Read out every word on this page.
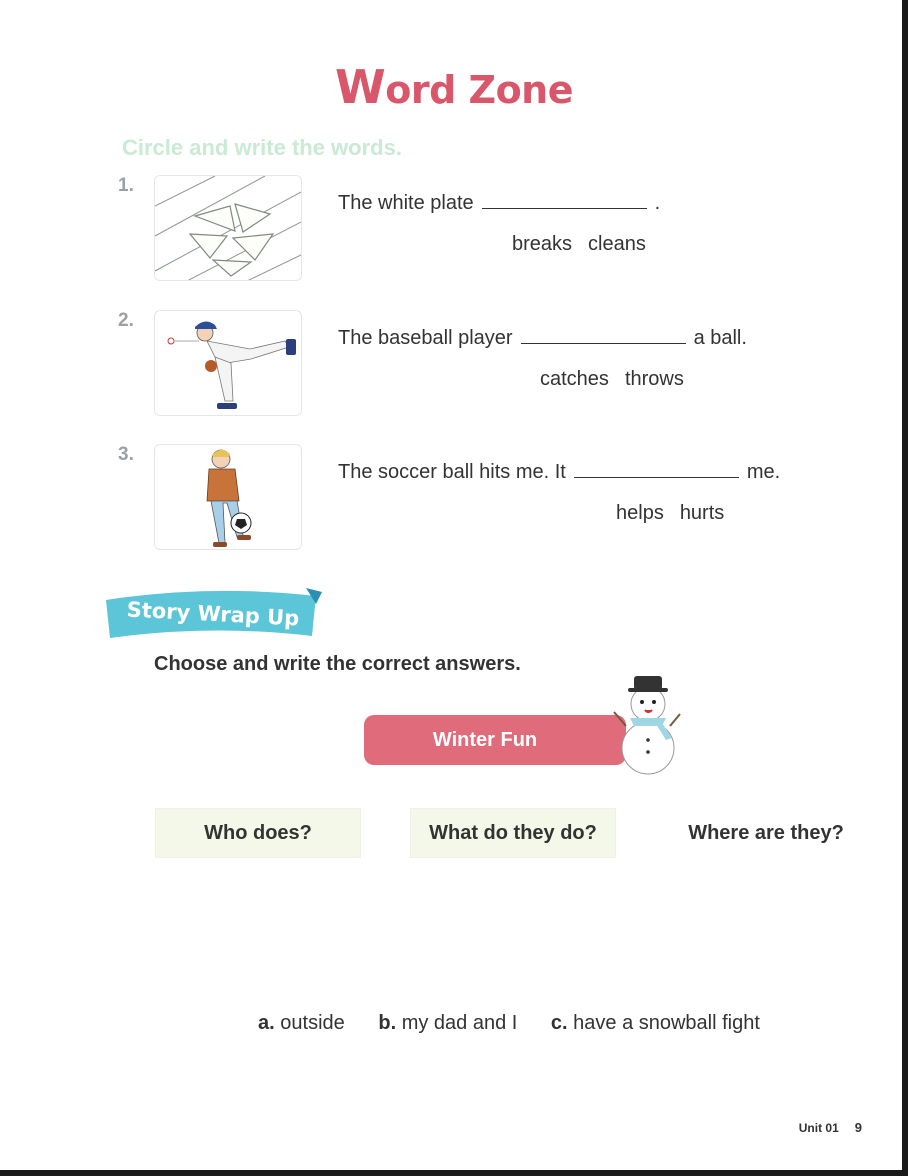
Word Zone
Circle and write the words.
1.
The white plate	.
breaks cleans
2.
The baseball player	a ball.
catches throws
3.
The soccer ball hits me. It	me.
helps hurts
Story Wrap Up
Choose and write the correct answers.
Winter Fun
Who does?	What do they do?	Where are they?
a. outside b. my dad and I c. have a snowball fight
Unit 01 9
